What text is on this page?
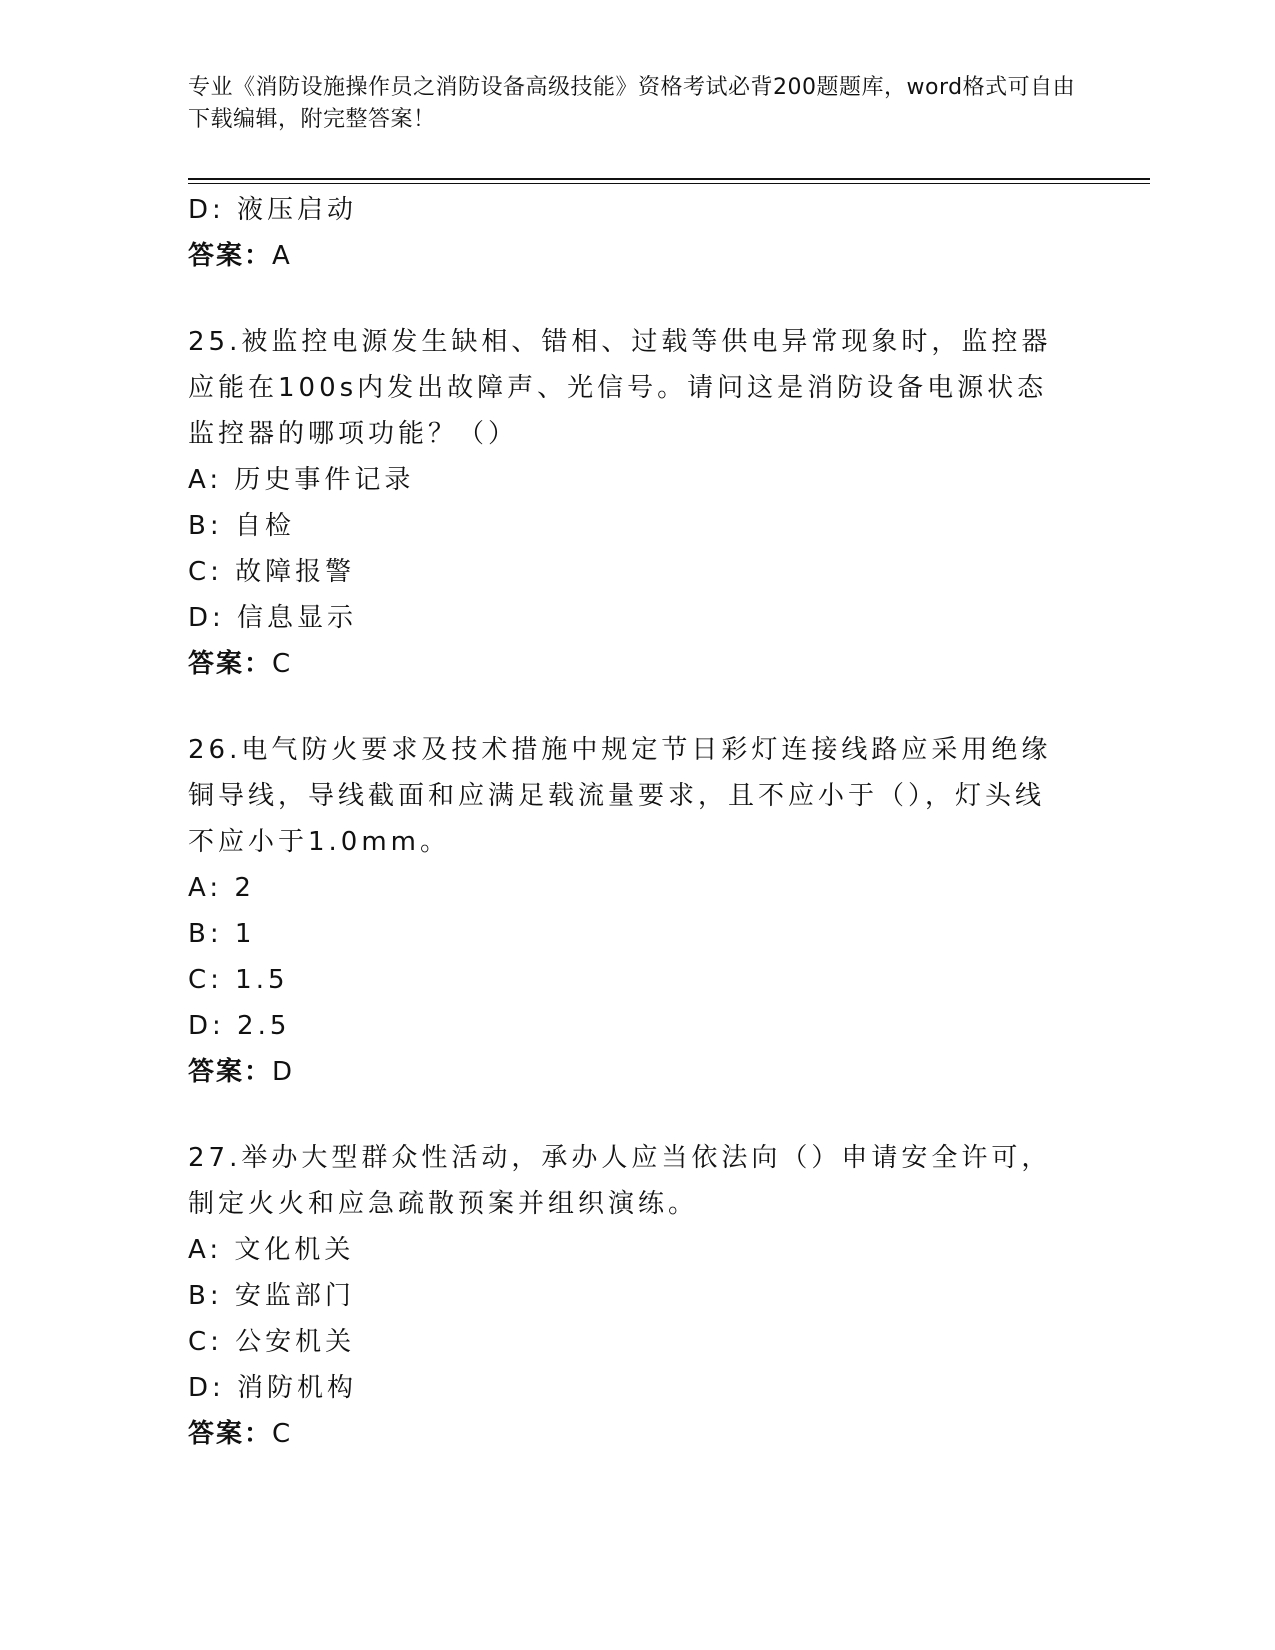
专业《消防设施操作员之消防设备高级技能》资格考试必背200题题库，word格式可自由下载编辑，附完整答案！
D: 液压启动
答案：A
25.被监控电源发生缺相、错相、过载等供电异常现象时，监控器应能在100s内发出故障声、光信号。请问这是消防设备电源状态监控器的哪项功能？（）
A: 历史事件记录
B: 自检
C: 故障报警
D: 信息显示
答案：C
26.电气防火要求及技术措施中规定节日彩灯连接线路应采用绝缘铜导线，导线截面和应满足载流量要求，且不应小于（），灯头线不应小于1.0mm。
A: 2
B: 1
C: 1.5
D: 2.5
答案：D
27.举办大型群众性活动，承办人应当依法向（）申请安全许可，制定火火和应急疏散预案并组织演练。
A: 文化机关
B: 安监部门
C: 公安机关
D: 消防机构
答案：C
